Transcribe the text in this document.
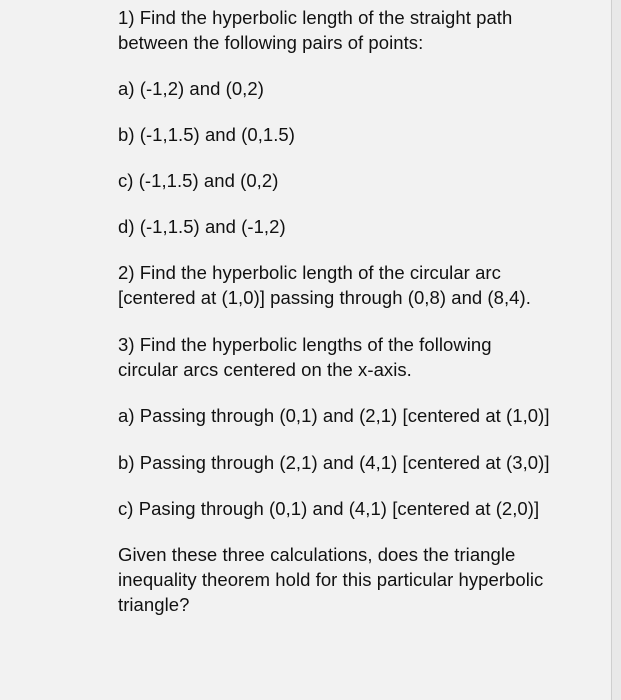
1) Find the hyperbolic length of the straight path
between the following pairs of points:
a) (-1,2) and (0,2)
b) (-1,1.5) and (0,1.5)
c) (-1,1.5) and (0,2)
d) (-1,1.5) and (-1,2)
2) Find the hyperbolic length of the circular arc
[centered at (1,0)] passing through (0,8) and (8,4).
3) Find the hyperbolic lengths of the following
circular arcs centered on the x-axis.
a) Passing through (0,1) and (2,1) [centered at (1,0)]
b) Passing through (2,1) and (4,1) [centered at (3,0)]
c) Pasing through (0,1) and (4,1) [centered at (2,0)]
Given these three calculations, does the triangle
inequality theorem hold for this particular hyperbolic
triangle?
